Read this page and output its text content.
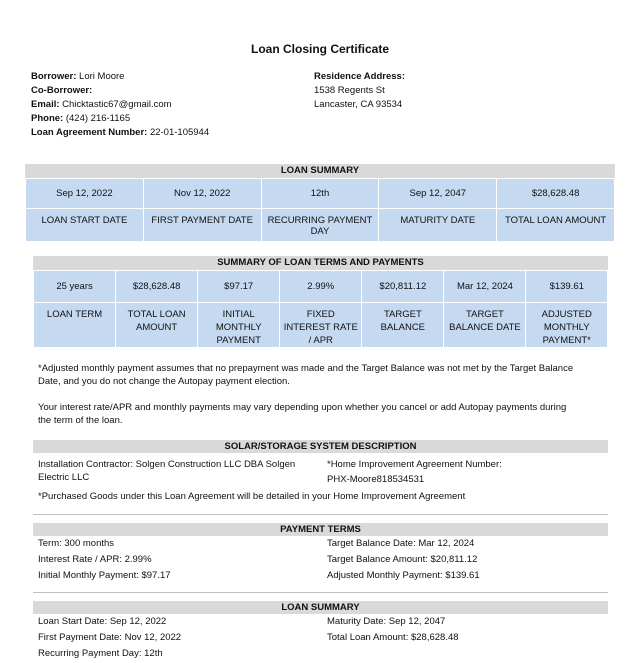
Loan Closing Certificate
Borrower: Lori Moore
Co-Borrower:
Email: Chicktastic67@gmail.com
Phone: (424) 216-1165
Loan Agreement Number: 22-01-105944
Residence Address:
1538 Regents St
Lancaster, CA 93534
LOAN SUMMARY
Sep 12, 2022	Nov 12, 2022	12th	Sep 12, 2047	$28,628.48
LOAN START DATE	FIRST PAYMENT DATE	RECURRING PAYMENT DAY	MATURITY DATE	TOTAL LOAN AMOUNT
SUMMARY OF LOAN TERMS AND PAYMENTS
25 years	$28,628.48	$97.17	2.99%	$20,811.12	Mar 12, 2024	$139.61
LOAN TERM	TOTAL LOAN AMOUNT	INITIAL MONTHLY PAYMENT	FIXED INTEREST RATE / APR	TARGET BALANCE	TARGET BALANCE DATE	ADJUSTED MONTHLY PAYMENT*
*Adjusted monthly payment assumes that no prepayment was made and the Target Balance was not met by the Target Balance Date, and you do not change the Autopay payment election.
Your interest rate/APR and monthly payments may vary depending upon whether you cancel or add Autopay payments during the term of the loan.
SOLAR/STORAGE SYSTEM DESCRIPTION
Installation Contractor: Solgen Construction LLC DBA Solgen Electric LLC
*Home Improvement Agreement Number:
PHX-Moore818534531
*Purchased Goods under this Loan Agreement will be detailed in your Home Improvement Agreement
PAYMENT TERMS
Term: 300 months
Interest Rate / APR: 2.99%
Initial Monthly Payment: $97.17
Target Balance Date: Mar 12, 2024
Target Balance Amount: $20,811.12
Adjusted Monthly Payment: $139.61
LOAN SUMMARY
Loan Start Date: Sep 12, 2022
First Payment Date: Nov 12, 2022
Recurring Payment Day: 12th
Maturity Date: Sep 12, 2047
Total Loan Amount: $28,628.48
